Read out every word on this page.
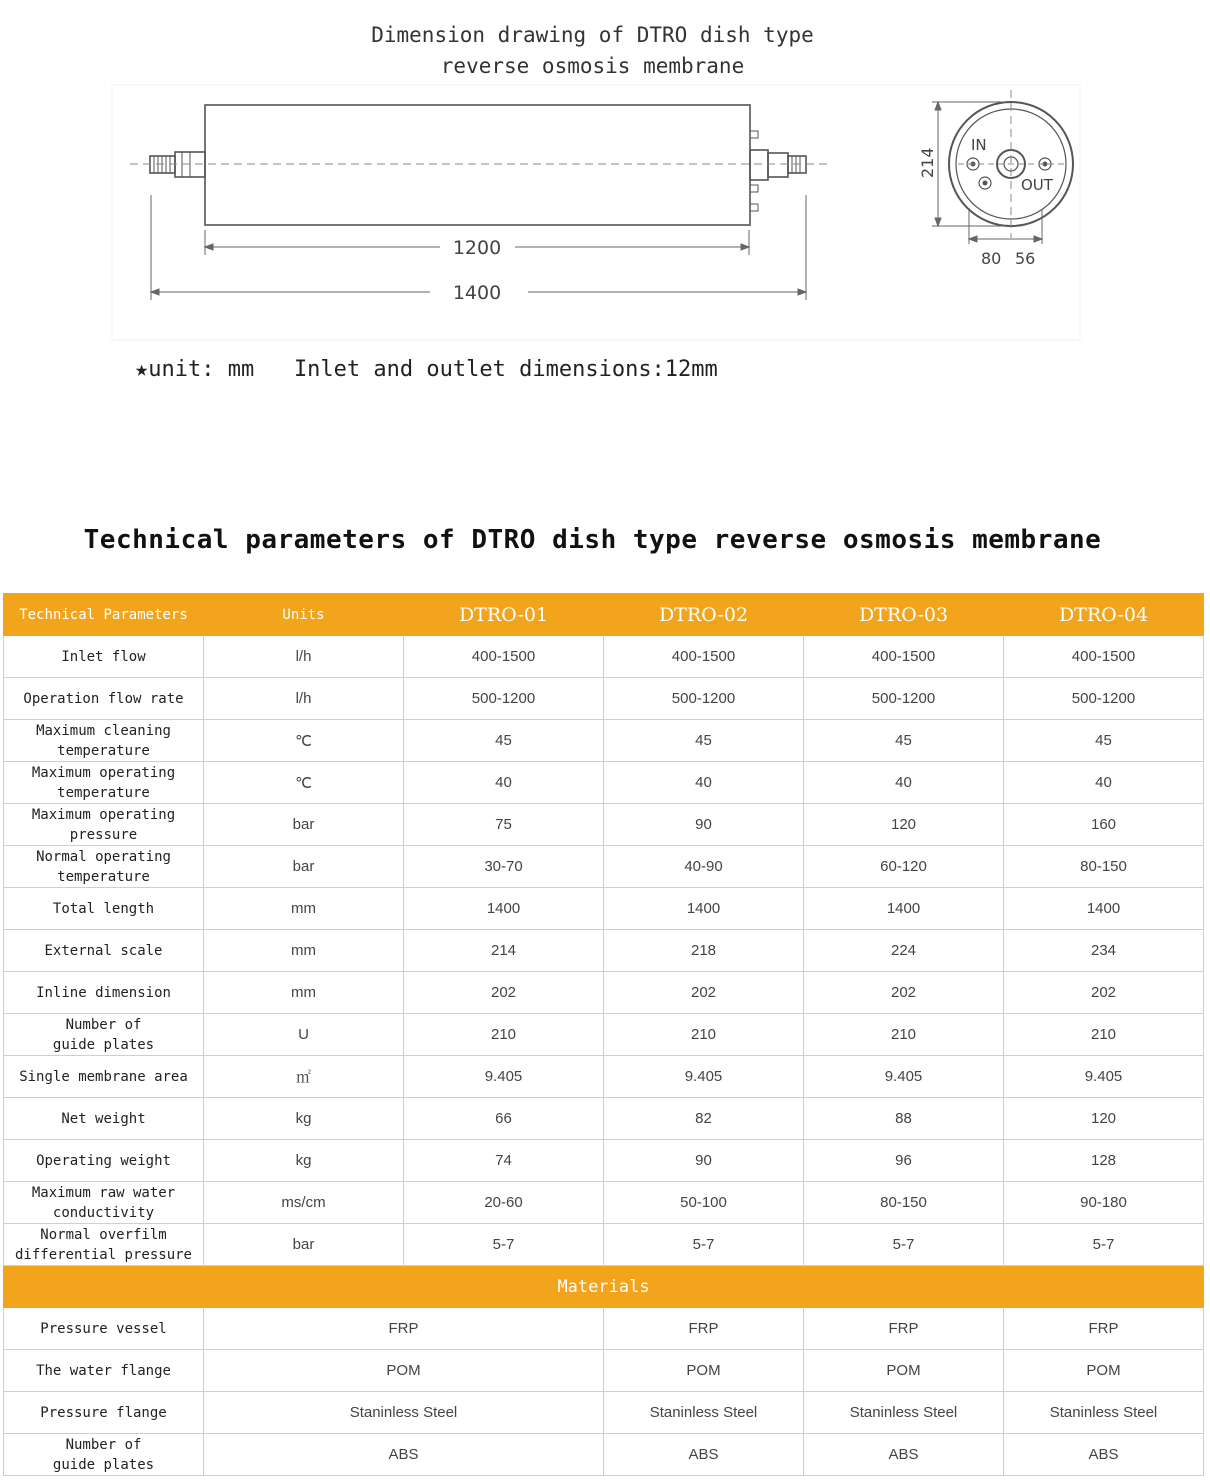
Dimension drawing of DTRO dish type
reverse osmosis membrane
1200
1400
IN
OUT
214
80 56
★unit: mm   Inlet and outlet dimensions:12mm
Technical parameters of DTRO dish type reverse osmosis membrane
Technical Parameters	Units	DTRO-01	DTRO-02	DTRO-03	DTRO-04
Inlet flow	l/h	400-1500	400-1500	400-1500	400-1500
Operation flow rate	l/h	500-1200	500-1200	500-1200	500-1200
Maximum cleaning
temperature	℃	45	45	45	45
Maximum operating
temperature	℃	40	40	40	40
Maximum operating
pressure	bar	75	90	120	160
Normal operating
temperature	bar	30-70	40-90	60-120	80-150
Total length	mm	1400	1400	1400	1400
External scale	mm	214	218	224	234
Inline dimension	mm	202	202	202	202
Number of
guide plates	U	210	210	210	210
Single membrane area	㎡	9.405	9.405	9.405	9.405
Net weight	kg	66	82	88	120
Operating weight	kg	74	90	96	128
Maximum raw water
conductivity	ms/cm	20-60	50-100	80-150	90-180
Normal overfilm
differential pressure	bar	5-7	5-7	5-7	5-7
Materials					
Pressure vessel	FRP		FRP	FRP	FRP
The water flange	POM		POM	POM	POM
Pressure flange	Staninless Steel		Staninless Steel	Staninless Steel	Staninless Steel
Number of
guide plates	ABS		ABS	ABS	ABS
